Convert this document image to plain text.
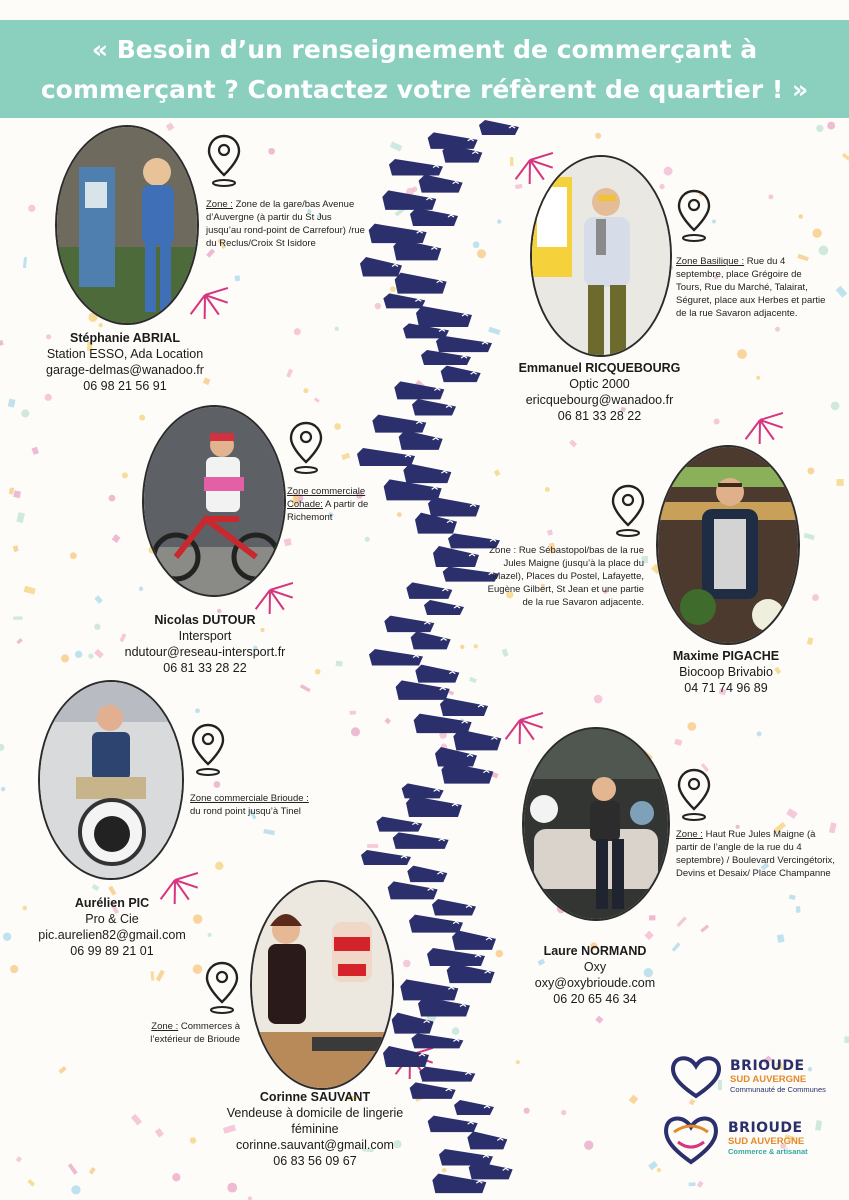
« Besoin d’un renseignement de commerçant à
commerçant ? Contactez votre réfèrent de quartier ! »
Zone : Zone de la gare/bas Avenue d’Auvergne (à partir du St Jus jusqu’au rond-point de Carrefour) /rue du Reclus/Croix St Isidore
Zone Basilique : Rue du 4 septembre, place Grégoire de Tours, Rue du Marché, Talairat, Séguret, place aux Herbes et partie de la rue Savaron adjacente.
Zone commerciale Cohade: A partir de Richemont
Zone : Rue Sébastopol/bas de la rue Jules Maigne (jusqu’à la place du Mazel), Places du Postel, Lafayette, Eugène Gilbert, St Jean et une partie de la rue Savaron adjacente.
Zone commerciale Brioude :
du rond point jusqu’à Tinel
Zone : Haut Rue Jules Maigne (à partir de l’angle de la rue du 4 septembre) / Boulevard Vercingétorix, Devins et Desaix/ Place Champanne
Zone : Commerces à l’extérieur de Brioude
Stéphanie ABRIAL
Station ESSO, Ada Location
garage-delmas@wanadoo.fr
06 98 21 56 91
Emmanuel RICQUEBOURG
Optic 2000
ericquebourg@wanadoo.fr
06 81 33 28 22
Nicolas DUTOUR
Intersport
ndutour@reseau-intersport.fr
06 81 33 28 22
Maxime PIGACHE
Biocoop Brivabio
04 71 74 96 89
Aurélien PIC
Pro & Cie
pic.aurelien82@gmail.com
06 99 89 21 01	Laure NORMAND
Oxy
oxy@oxybrioude.com
06 20 65 46 34
Corinne SAUVANT
Vendeuse à domicile de lingerie féminine
corinne.sauvant@gmail.com
06 83 56 09 67
BRIOUDE
SUD AUVERGNE
Communauté de Communes
BRIOUDE
SUD AUVERGNE
Commerce & artisanat
